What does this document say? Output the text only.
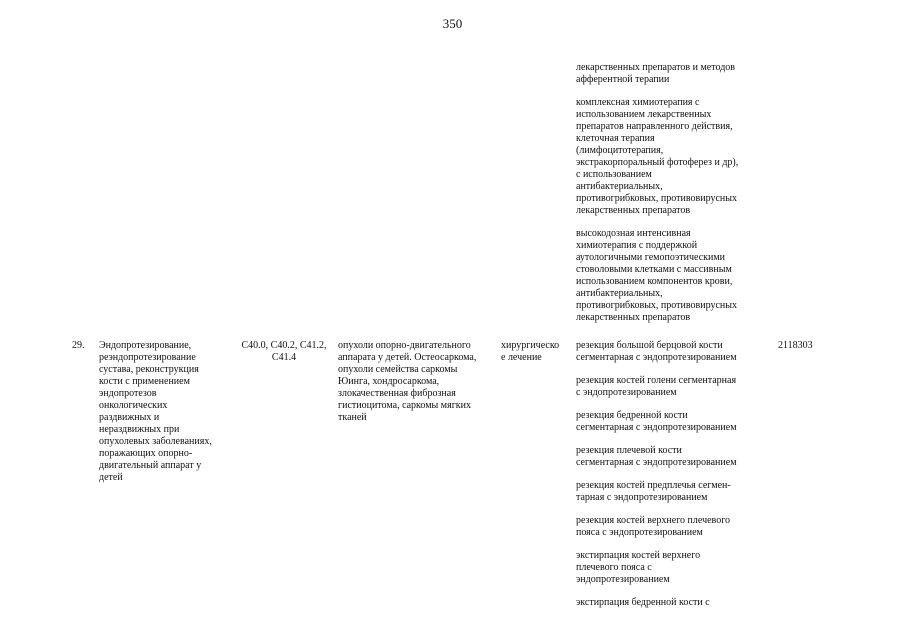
350

лекарственных препаратов и методов
афферентной терапии

комплексная химиотерапия с
использованием лекарственных
препаратов направленного действия,
клеточная терапия
(лимфоцитотерапия,
экстракорпоральный фотоферез и др),
с использованием
антибактериальных,
противогрибковых, противовирусных
лекарственных препаратов

высокодозная интенсивная
химиотерапия с поддержкой
аутологичными гемопоэтическими
стоволовыми клетками с массивным
использованием компонентов крови,
антибактериальных,
противогрибковых, противовирусных
лекарственных препаратов

29.	Эндопротезирование,
реэндопротезирование
сустава, реконструкция
кости с применением
эндопротезов
онкологических
раздвижных и
нераздвижных при
опухолевых заболеваниях,
поражающих опорно-
двигательный аппарат у
детей
C40.0, C40.2, C41.2,
C41.4
опухоли опорно-двигательного
аппарата у детей. Остеосаркома,
опухоли семейства саркомы
Юинга, хондросаркома,
злокачественная фиброзная
гистиоцитома, саркомы мягких
тканей
хирургическо
е лечение

резекция большой берцовой кости
сегментарная с эндопротезированием

резекция костей голени сегментарная
с эндопротезированием

резекция бедренной кости
сегментарная с эндопротезированием

резекция плечевой кости
сегментарная с эндопротезированием

резекция костей предплечья сегмен-
тарная с эндопротезированием

резекция костей верхнего плечевого
пояса с эндопротезированием

экстирпация костей верхнего
плечевого пояса с
эндопротезированием

экстирпация бедренной кости с

2118303
